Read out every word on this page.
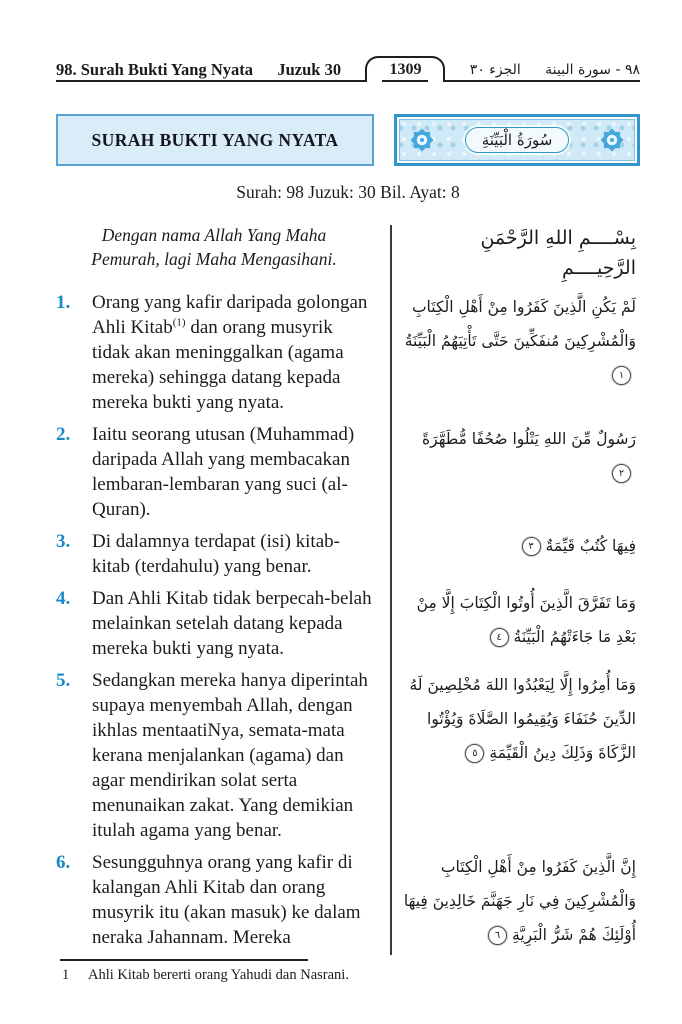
98. Surah Bukti Yang Nyata Juzuk 30	1309	الجزء ٣٠ ٩٨ - سورة البينة
SURAH BUKTI YANG NYATA	سُورَةُ الْبَيِّنَةِ
Surah: 98 Juzuk: 30 Bil. Ayat: 8

Dengan nama Allah Yang Maha Pemurah, lagi Maha Mengasihani.

بِسْــــمِ اللهِ الرَّحْمَنِ الرَّحِيــــمِ
1.	Orang yang kafir daripada golongan Ahli Kitab$^{(1)}$ dan orang musyrik tidak akan meninggalkan (agama mereka) sehingga datang kepada mereka bukti yang nyata.

لَمْ يَكُنِ الَّذِينَ كَفَرُوا مِنْ أَهْلِ الْكِتَابِ وَالْمُشْرِكِينَ مُنفَكِّينَ حَتَّى تَأْتِيَهُمُ الْبَيِّنَةُ١
2.	Iaitu seorang utusan (Muhammad) daripada Allah yang membacakan lembaran-lembaran yang suci (al-Quran).

رَسُولٌ مِّنَ اللهِ يَتْلُوا صُحُفًا مُّطَهَّرَةً٢
3.	Di dalamnya terdapat (isi) kitab-kitab (terdahulu) yang benar.

فِيهَا كُتُبٌ قَيِّمَةٌ٣
4.	Dan Ahli Kitab tidak berpecah-belah melainkan setelah datang kepada mereka bukti yang nyata.

وَمَا تَفَرَّقَ الَّذِينَ أُوتُوا الْكِتَابَ إِلَّا مِنْ بَعْدِ مَا جَاءَتْهُمُ الْبَيِّنَةُ٤
5.	Sedangkan mereka hanya diperintah supaya menyembah Allah, dengan ikhlas mentaatiNya, semata-mata kerana menjalankan (agama) dan agar mendirikan solat serta menunaikan zakat. Yang demikian itulah agama yang benar.

وَمَا أُمِرُوا إِلَّا لِيَعْبُدُوا اللهَ مُخْلِصِينَ لَهُ الدِّينَ حُنَفَاءَ وَيُقِيمُوا الصَّلَاةَ وَيُؤْتُوا الزَّكَاةَ وَذَلِكَ دِينُ الْقَيِّمَةِ٥
6.	Sesungguhnya orang yang kafir di kalangan Ahli Kitab dan orang musyrik itu (akan masuk) ke dalam neraka Jahannam. Mereka

إِنَّ الَّذِينَ كَفَرُوا مِنْ أَهْلِ الْكِتَابِ وَالْمُشْرِكِينَ فِي نَارِ جَهَنَّمَ خَالِدِينَ فِيهَا أُوْلَئِكَ هُمْ شَرُّ الْبَرِيَّةِ٦
1	Ahli Kitab bererti orang Yahudi dan Nasrani.
